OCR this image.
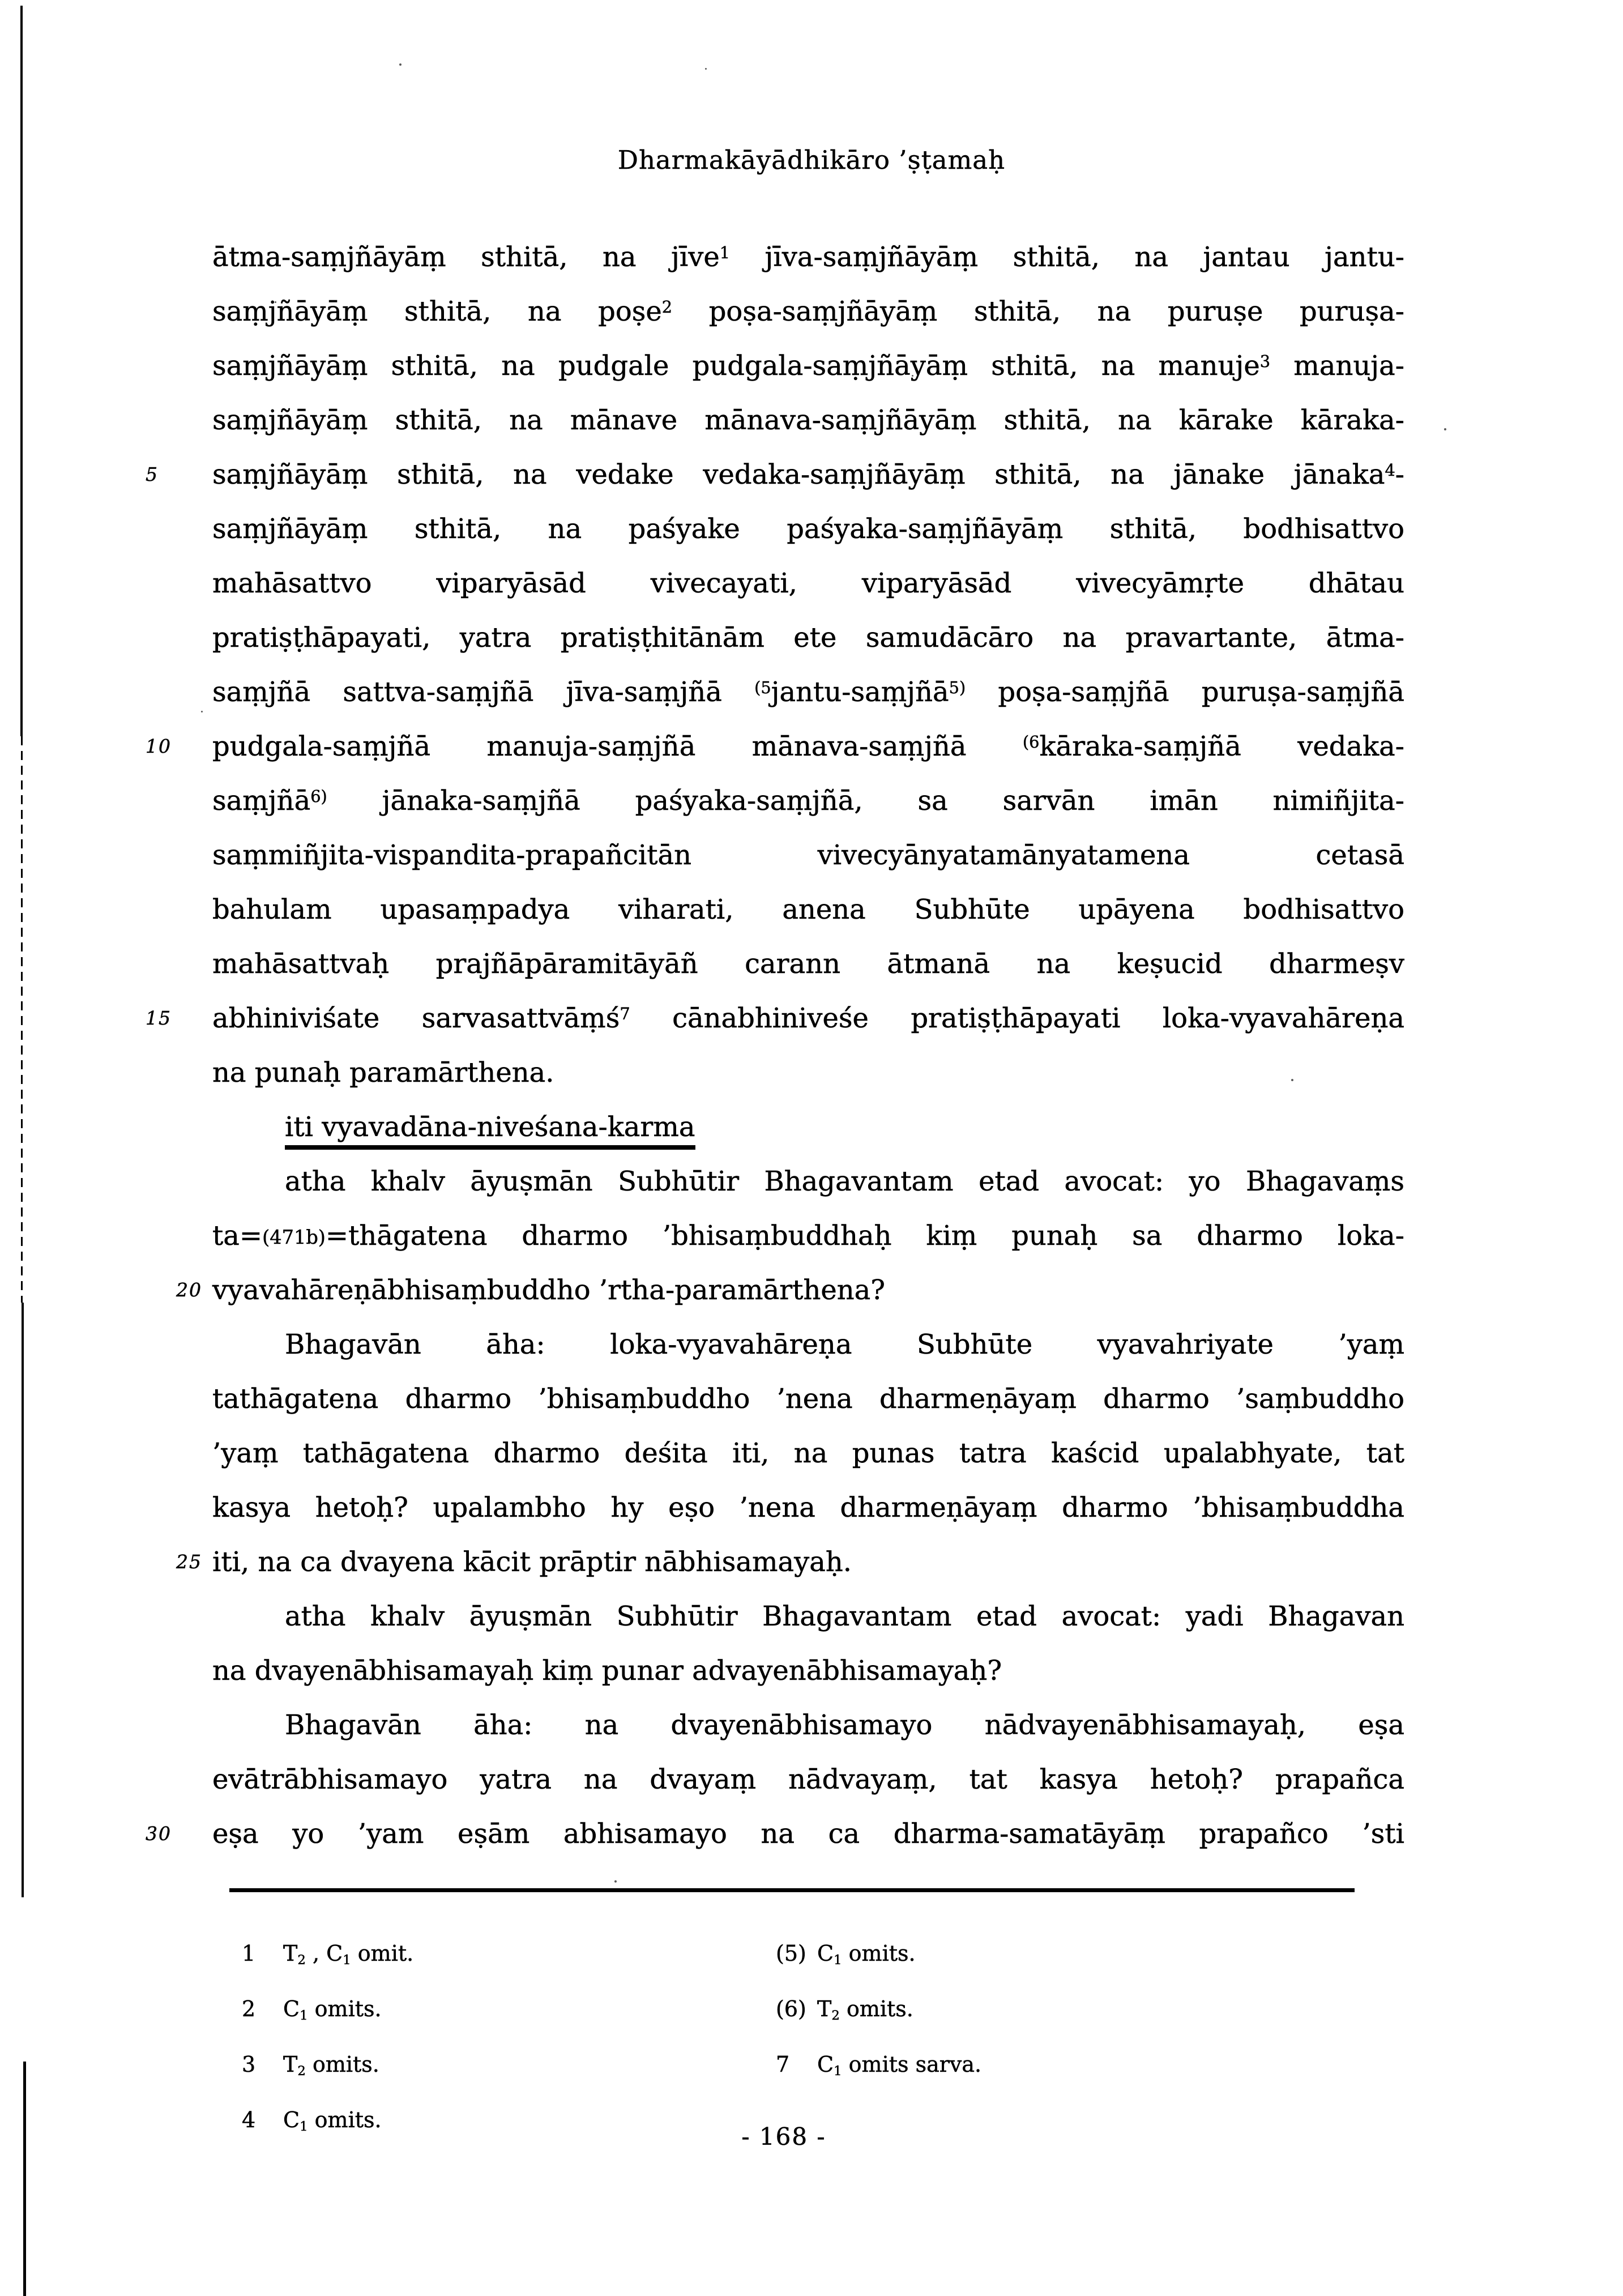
Dharmakāyādhikāro ’ṣṭamaḥ
ātma-saṃjñāyāṃ sthitā, na jīve$^1$ jīva-saṃjñāyāṃ sthitā, na jantau jantu-
saṃjñāyāṃ sthitā, na poṣe$^2$ poṣa-saṃjñāyāṃ sthitā, na puruṣe puruṣa-
saṃjñāyāṃ sthitā, na pudgale pudgala-saṃjñāyāṃ sthitā, na manuje$^3$ manuja-
saṃjñāyāṃ sthitā, na mānave mānava-saṃjñāyāṃ sthitā, na kārake kāraka-
5	saṃjñāyāṃ sthitā, na vedake vedaka-saṃjñāyāṃ sthitā, na jānake jānaka$^4$-
saṃjñāyāṃ sthitā, na paśyake paśyaka-saṃjñāyāṃ sthitā, bodhisattvo
mahāsattvo viparyāsād vivecayati, viparyāsād vivecyāmṛte dhātau
pratiṣṭhāpayati, yatra pratiṣṭhitānām ete samudācāro na pravartante, ātma-
saṃjñā sattva-saṃjñā jīva-saṃjñā $^{(5}$jantu-saṃjñā$^{5)}$ poṣa-saṃjñā puruṣa-saṃjñā
10	pudgala-saṃjñā manuja-saṃjñā mānava-saṃjñā $^{(6}$kāraka-saṃjñā vedaka-
saṃjñā$^{6)}$ jānaka-saṃjñā paśyaka-saṃjñā, sa sarvān imān nimiñjita-
saṃmiñjita-vispandita-prapañcitān vivecyānyatamānyatamena cetasā
bahulam upasaṃpadya viharati, anena Subhūte upāyena bodhisattvo
mahāsattvaḥ prajñāpāramitāyāñ carann ātmanā na keṣucid dharmeṣv
15	abhiniviśate sarvasattvāṃś$^7$ cānabhiniveśe pratiṣṭhāpayati loka-vyavahāreṇa
na punaḥ paramārthena.
iti vyavadāna-niveśana-karma
atha khalv āyuṣmān Subhūtir Bhagavantam etad avocat: yo Bhagavaṃs
ta=(471b)=thāgatena dharmo ’bhisaṃbuddhaḥ kiṃ punaḥ sa dharmo loka-
20 vyavahāreṇābhisaṃbuddho ’rtha-paramārthena?
Bhagavān āha: loka-vyavahāreṇa Subhūte vyavahriyate ’yaṃ
tathāgatena dharmo ’bhisaṃbuddho ’nena dharmeṇāyaṃ dharmo ’saṃbuddho
’yaṃ tathāgatena dharmo deśita iti, na punas tatra kaścid upalabhyate, tat
kasya hetoḥ? upalambho hy eṣo ’nena dharmeṇāyaṃ dharmo ’bhisaṃbuddha
25 iti, na ca dvayena kācit prāptir nābhisamayaḥ.
atha khalv āyuṣmān Subhūtir Bhagavantam etad avocat: yadi Bhagavan
na dvayenābhisamayaḥ kiṃ punar advayenābhisamayaḥ?
Bhagavān āha: na dvayenābhisamayo nādvayenābhisamayaḥ, eṣa
evātrābhisamayo yatra na dvayaṃ nādvayaṃ, tat kasya hetoḥ? prapañca
30	eṣa yo ’yam eṣām abhisamayo na ca dharma-samatāyāṃ prapañco ’sti
1 T2 , C1 omit.
2 C1 omits.
3 T2 omits.
4 C1 omits.
(5) C1 omits.
(6) T2 omits.
7 C1 omits sarva.
- 168 -
